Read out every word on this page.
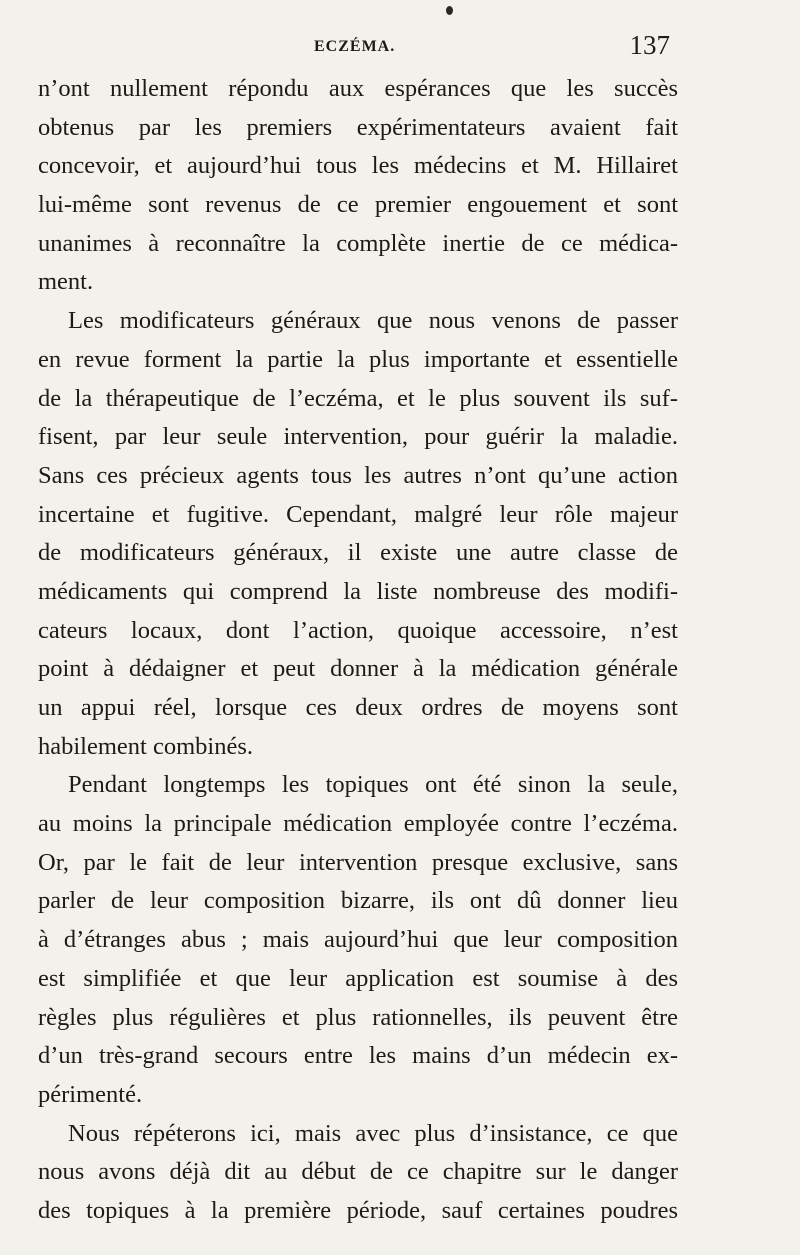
ECZÉMA.	137
n’ont nullement répondu aux espérances que les succès
obtenus par les premiers expérimentateurs avaient fait
concevoir, et aujourd’hui tous les médecins et M. Hillairet
lui-même sont revenus de ce premier engouement et sont
unanimes à reconnaître la complète inertie de ce médica-
ment.
Les modificateurs généraux que nous venons de passer
en revue forment la partie la plus importante et essentielle
de la thérapeutique de l’eczéma, et le plus souvent ils suf-
fisent, par leur seule intervention, pour guérir la maladie.
Sans ces précieux agents tous les autres n’ont qu’une action
incertaine et fugitive. Cependant, malgré leur rôle majeur
de modificateurs généraux, il existe une autre classe de
médicaments qui comprend la liste nombreuse des modifi-
cateurs locaux, dont l’action, quoique accessoire, n’est
point à dédaigner et peut donner à la médication générale
un appui réel, lorsque ces deux ordres de moyens sont
habilement combinés.
Pendant longtemps les topiques ont été sinon la seule,
au moins la principale médication employée contre l’eczéma.
Or, par le fait de leur intervention presque exclusive, sans
parler de leur composition bizarre, ils ont dû donner lieu
à d’étranges abus ; mais aujourd’hui que leur composition
est simplifiée et que leur application est soumise à des
règles plus régulières et plus rationnelles, ils peuvent être
d’un très-grand secours entre les mains d’un médecin ex-
périmenté.
Nous répéterons ici, mais avec plus d’insistance, ce que
nous avons déjà dit au début de ce chapitre sur le danger
des topiques à la première période, sauf certaines poudres
